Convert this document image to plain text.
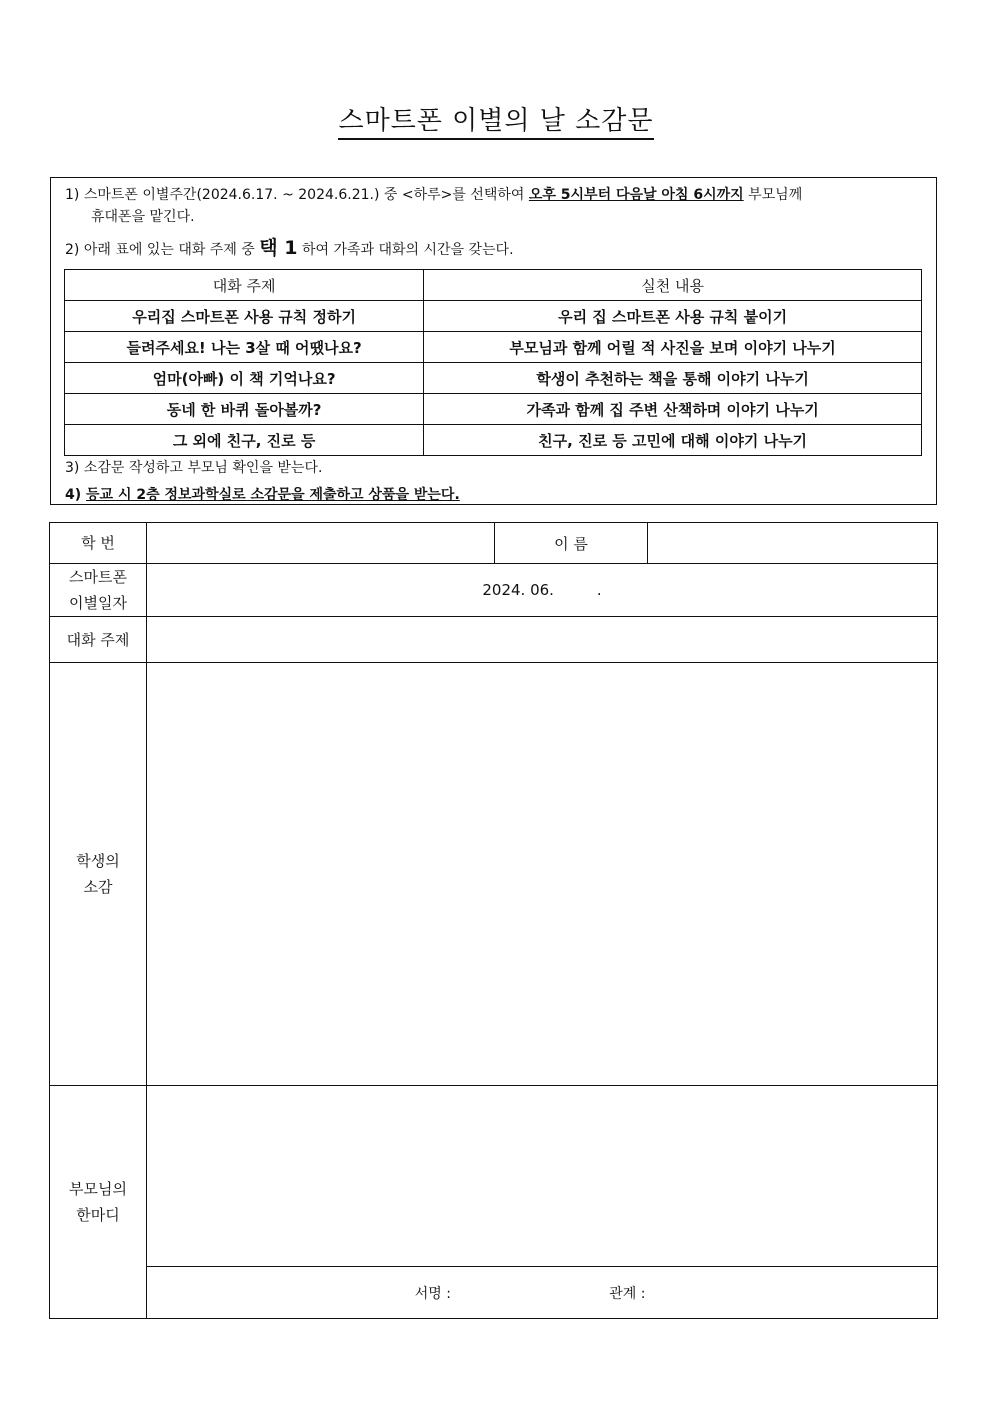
스마트폰 이별의 날 소감문
1) 스마트폰 이별주간(2024.6.17. ~ 2024.6.21.) 중 <하루>를 선택하여 오후 5시부터 다음날 아침 6시까지 부모님께
휴대폰을 맡긴다.
2) 아래 표에 있는 대화 주제 중 택 1 하여 가족과 대화의 시간을 갖는다.
대화 주제	실천 내용
우리집 스마트폰 사용 규칙 정하기	우리 집 스마트폰 사용 규칙 붙이기
들려주세요! 나는 3살 때 어땠나요?	부모님과 함께 어릴 적 사진을 보며 이야기 나누기
엄마(아빠) 이 책 기억나요?	학생이 추천하는 책을 통해 이야기 나누기
동네 한 바퀴 돌아볼까?	가족과 함께 집 주변 산책하며 이야기 나누기
그 외에 친구, 진로 등	친구, 진로 등 고민에 대해 이야기 나누기
3) 소감문 작성하고 부모님 확인을 받는다.
4) 등교 시 2층 정보과학실로 소감문을 제출하고 상품을 받는다.
학 번		이 름	

스마트폰
이별일자	2024. 06.         .		
대화 주제			

학생의
소감			

부모님의
한마디			

	서명 : 관계 :		
